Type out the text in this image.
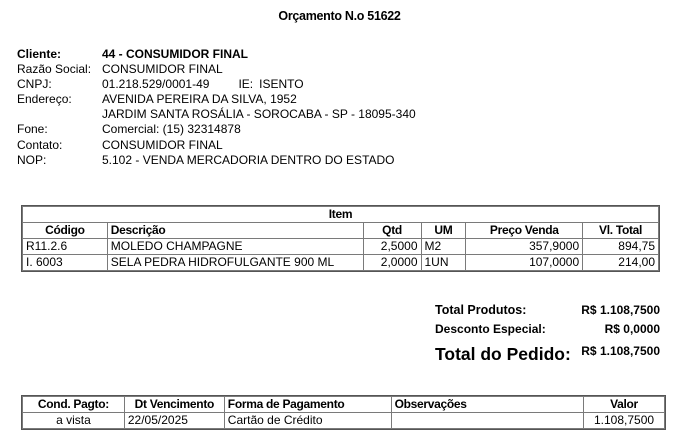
Orçamento N.o 51622
Cliente:	44 - CONSUMIDOR FINAL
Razão Social: CONSUMIDOR FINAL
CNPJ:	01.218.529/0001-49 IE: ISENTO
Endereço:	AVENIDA PEREIRA DA SILVA, 1952
JARDIM SANTA ROSÁLIA - SOROCABA - SP - 18095-340
Fone:	Comercial: (15) 32314878
Contato:	CONSUMIDOR FINAL
NOP:	5.102 - VENDA MERCADORIA DENTRO DO ESTADO
Item					
Código	Descrição	Qtd	UM	Preço Venda	Vl. Total
R11.2.6	MOLEDO CHAMPAGNE	2,5000	M2	357,9000	894,75
I. 6003	SELA PEDRA HIDROFULGANTE 900 ML	2,0000	1UN	107,0000	214,00
Total Produtos:	R$ 1.108,7500
Desconto Especial:	R$ 0,0000
Total do Pedido: R$ 1.108,7500
Cond. Pagto:	Dt Vencimento	Forma de Pagamento	Observações	Valor
a vista	22/05/2025	Cartão de Crédito		1.108,7500
